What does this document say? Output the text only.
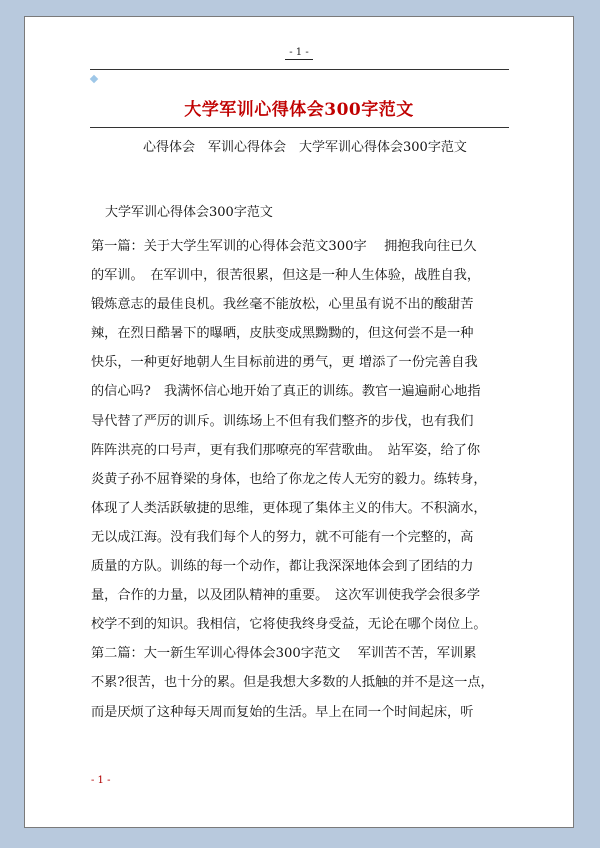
- 1 -
大学军训心得体会300字范文
心得体会　军训心得体会　大学军训心得体会300字范文
大学军训心得体会300字范文
第一篇：关于大学生军训的心得体会范文300字　 拥抱我向往已久
的军训。　在军训中，很苦很累，但这是一种人生体验，战胜自我，
锻炼意志的最佳良机。我丝毫不能放松，心里虽有说不出的酸甜苦
辣，在烈日酷暑下的曝晒，皮肤变成黑黝黝的，但这何尝不是一种
快乐，一种更好地朝人生目标前进的勇气，更 增添了一份完善自我
的信心吗?　我满怀信心地开始了真正的训练。教官一遍遍耐心地指
导代替了严厉的训斥。训练场上不但有我们整齐的步伐，也有我们
阵阵洪亮的口号声，更有我们那嘹亮的军营歌曲。　站军姿，给了你
炎黄子孙不屈脊梁的身体，也给了你龙之传人无穷的毅力。练转身，
体现了人类活跃敏捷的思维，更体现了集体主义的伟大。不积滴水，
无以成江海。没有我们每个人的努力，就不可能有一个完整的，高
质量的方队。训练的每一个动作，都让我深深地体会到了团结的力
量，合作的力量，以及团队精神的重要。　这次军训使我学会很多学
校学不到的知识。我相信，它将使我终身受益，无论在哪个岗位上。
第二篇：大一新生军训心得体会300字范文　 军训苦不苦，军训累
不累?很苦，也十分的累。但是我想大多数的人抵触的并不是这一点，
而是厌烦了这种每天周而复始的生活。早上在同一个时间起床，听
- 1 -
